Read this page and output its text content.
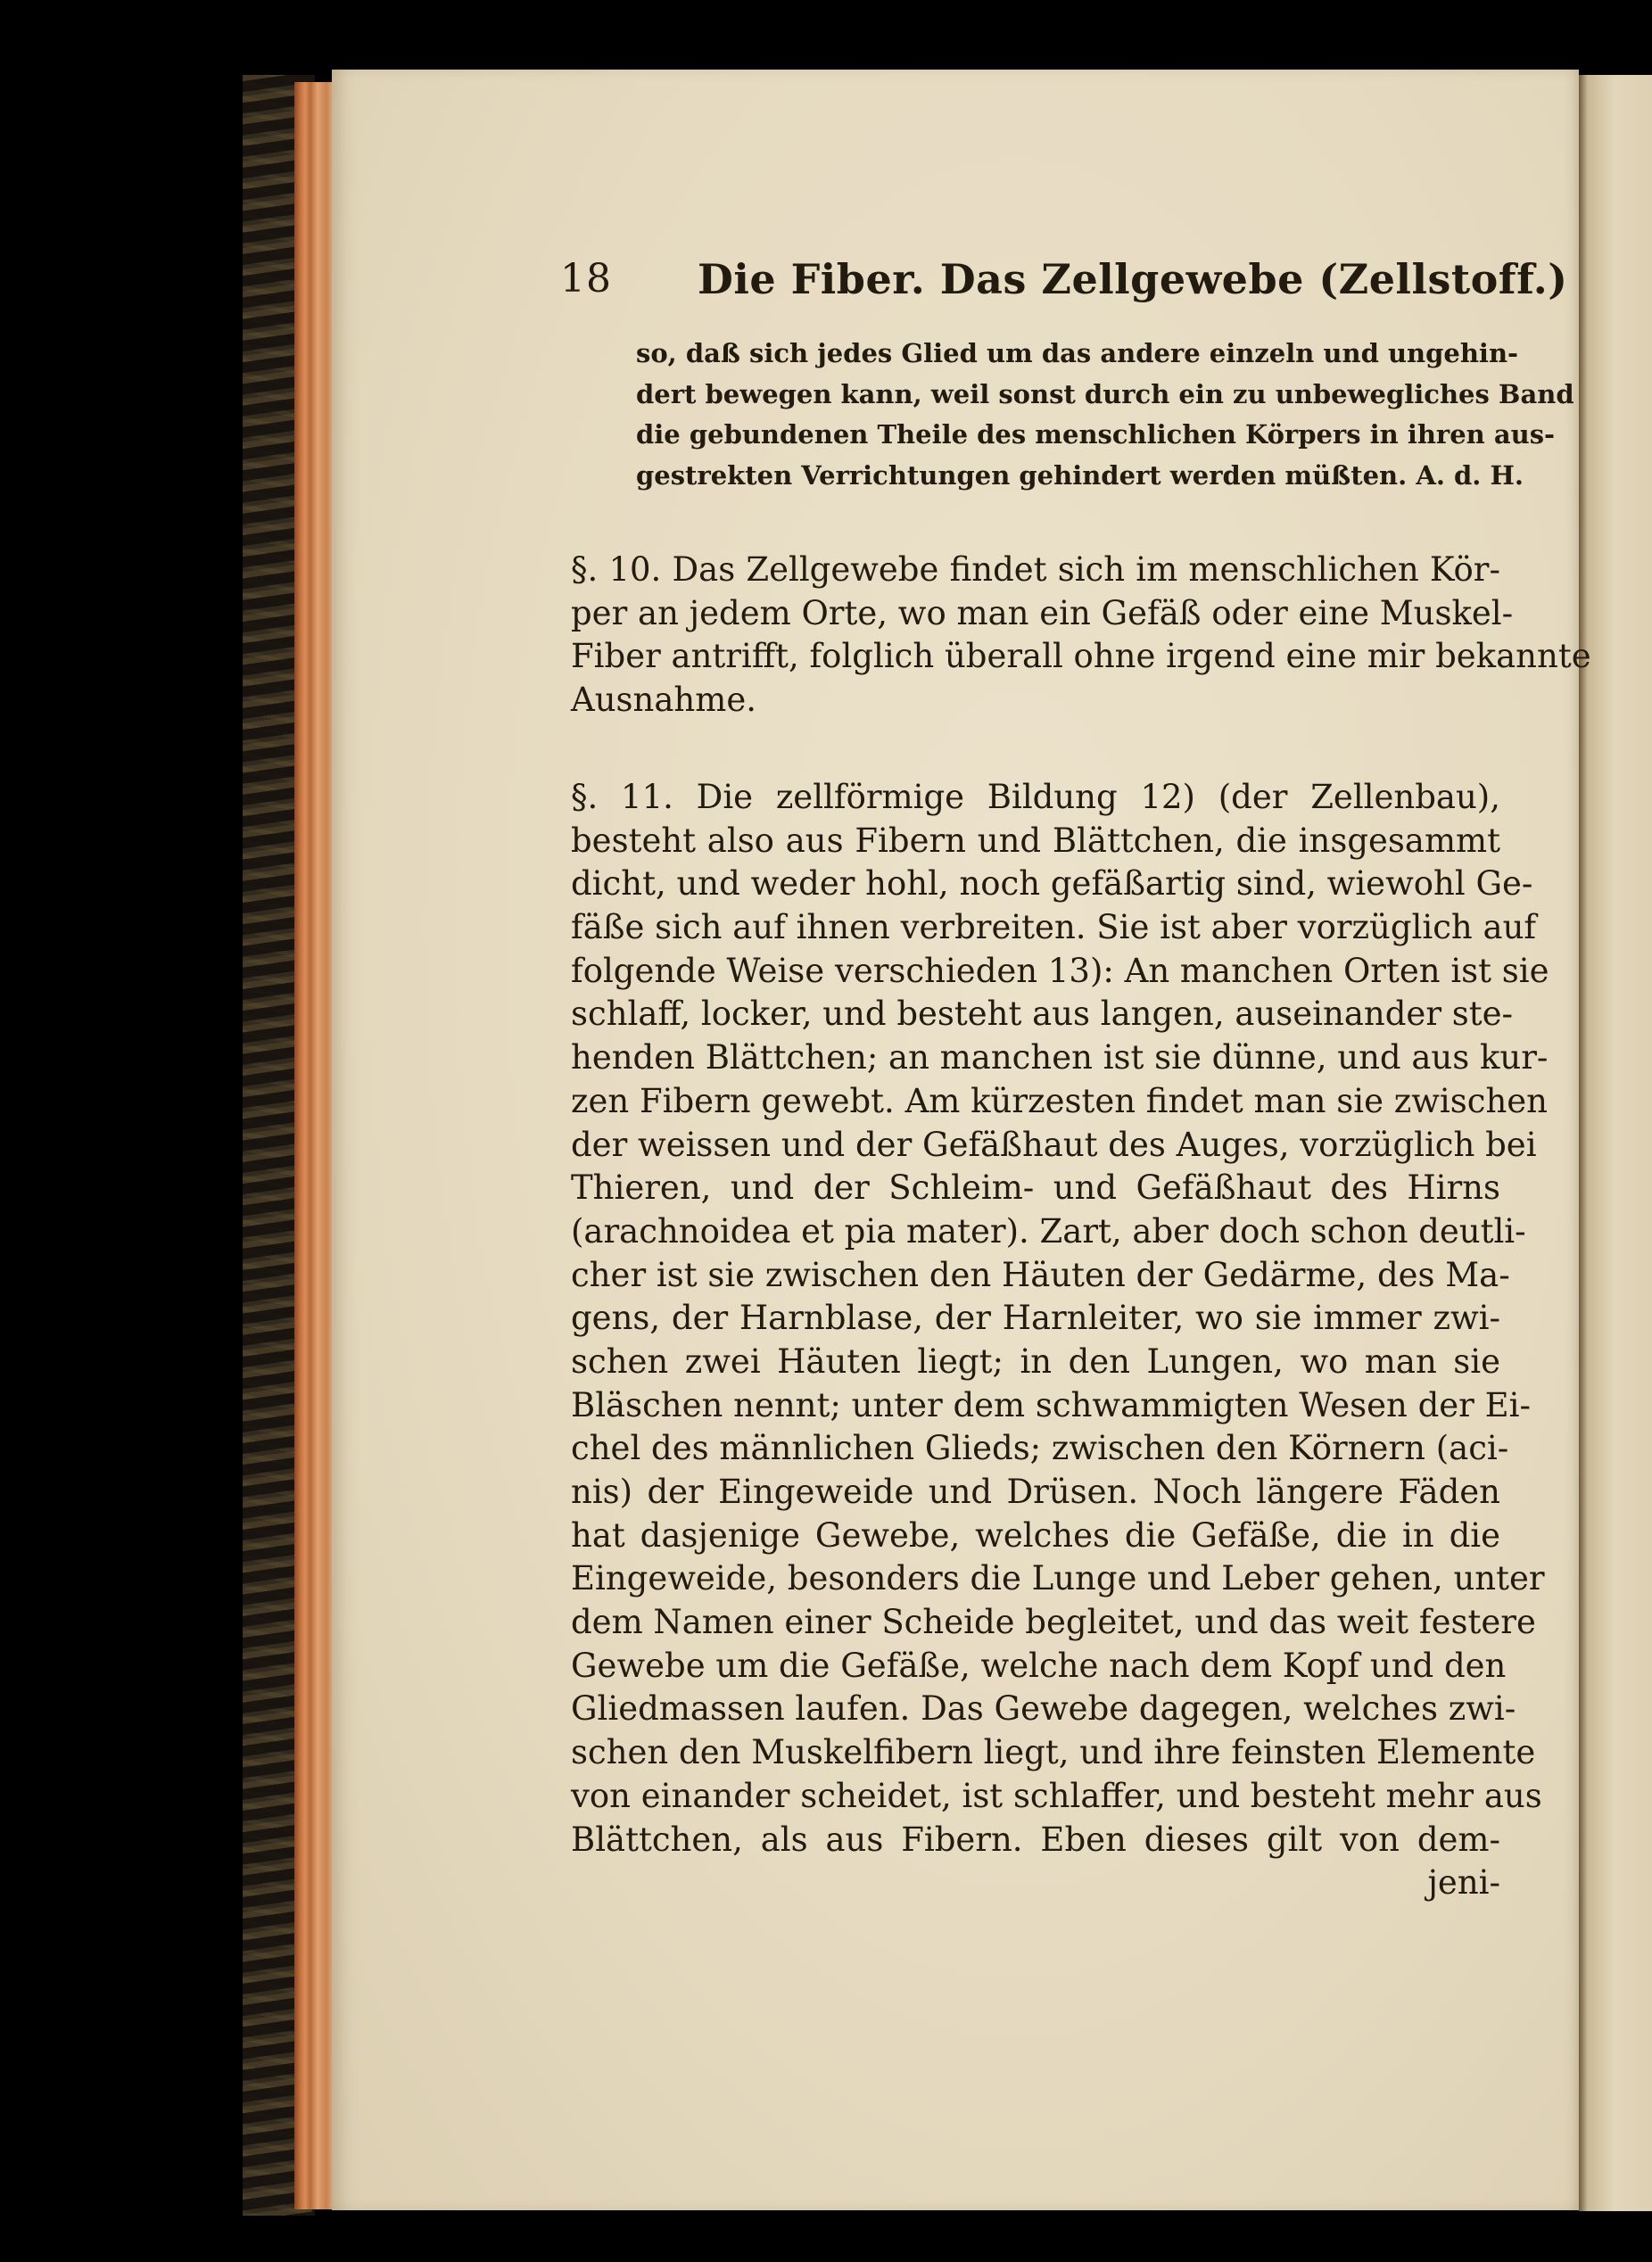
18 Die Fiber. Das Zellgewebe (Zellstoff.)
so, daß sich jedes Glied um das andere einzeln und ungehin-
dert bewegen kann, weil sonst durch ein zu unbewegliches Band
die gebundenen Theile des menschlichen Körpers in ihren aus-
gestrekten Verrichtungen gehindert werden müßten. A. d. H.
§. 10. Das Zellgewebe findet sich im menschlichen Kör-
per an jedem Orte, wo man ein Gefäß oder eine Muskel-
Fiber antrifft, folglich überall ohne irgend eine mir bekannte
Ausnahme.
§. 11. Die zellförmige Bildung 12) (der Zellenbau),
besteht also aus Fibern und Blättchen, die insgesammt
dicht, und weder hohl, noch gefäßartig sind, wiewohl Ge-
fäße sich auf ihnen verbreiten. Sie ist aber vorzüglich auf
folgende Weise verschieden 13): An manchen Orten ist sie
schlaff, locker, und besteht aus langen, auseinander ste-
henden Blättchen; an manchen ist sie dünne, und aus kur-
zen Fibern gewebt. Am kürzesten findet man sie zwischen
der weissen und der Gefäßhaut des Auges, vorzüglich bei
Thieren, und der Schleim- und Gefäßhaut des Hirns
(arachnoidea et pia mater). Zart, aber doch schon deutli-
cher ist sie zwischen den Häuten der Gedärme, des Ma-
gens, der Harnblase, der Harnleiter, wo sie immer zwi-
schen zwei Häuten liegt; in den Lungen, wo man sie
Bläschen nennt; unter dem schwammigten Wesen der Ei-
chel des männlichen Glieds; zwischen den Körnern (aci-
nis) der Eingeweide und Drüsen. Noch längere Fäden
hat dasjenige Gewebe, welches die Gefäße, die in die
Eingeweide, besonders die Lunge und Leber gehen, unter
dem Namen einer Scheide begleitet, und das weit festere
Gewebe um die Gefäße, welche nach dem Kopf und den
Gliedmassen laufen. Das Gewebe dagegen, welches zwi-
schen den Muskelfibern liegt, und ihre feinsten Elemente
von einander scheidet, ist schlaffer, und besteht mehr aus
Blättchen, als aus Fibern. Eben dieses gilt von dem-
jeni-
